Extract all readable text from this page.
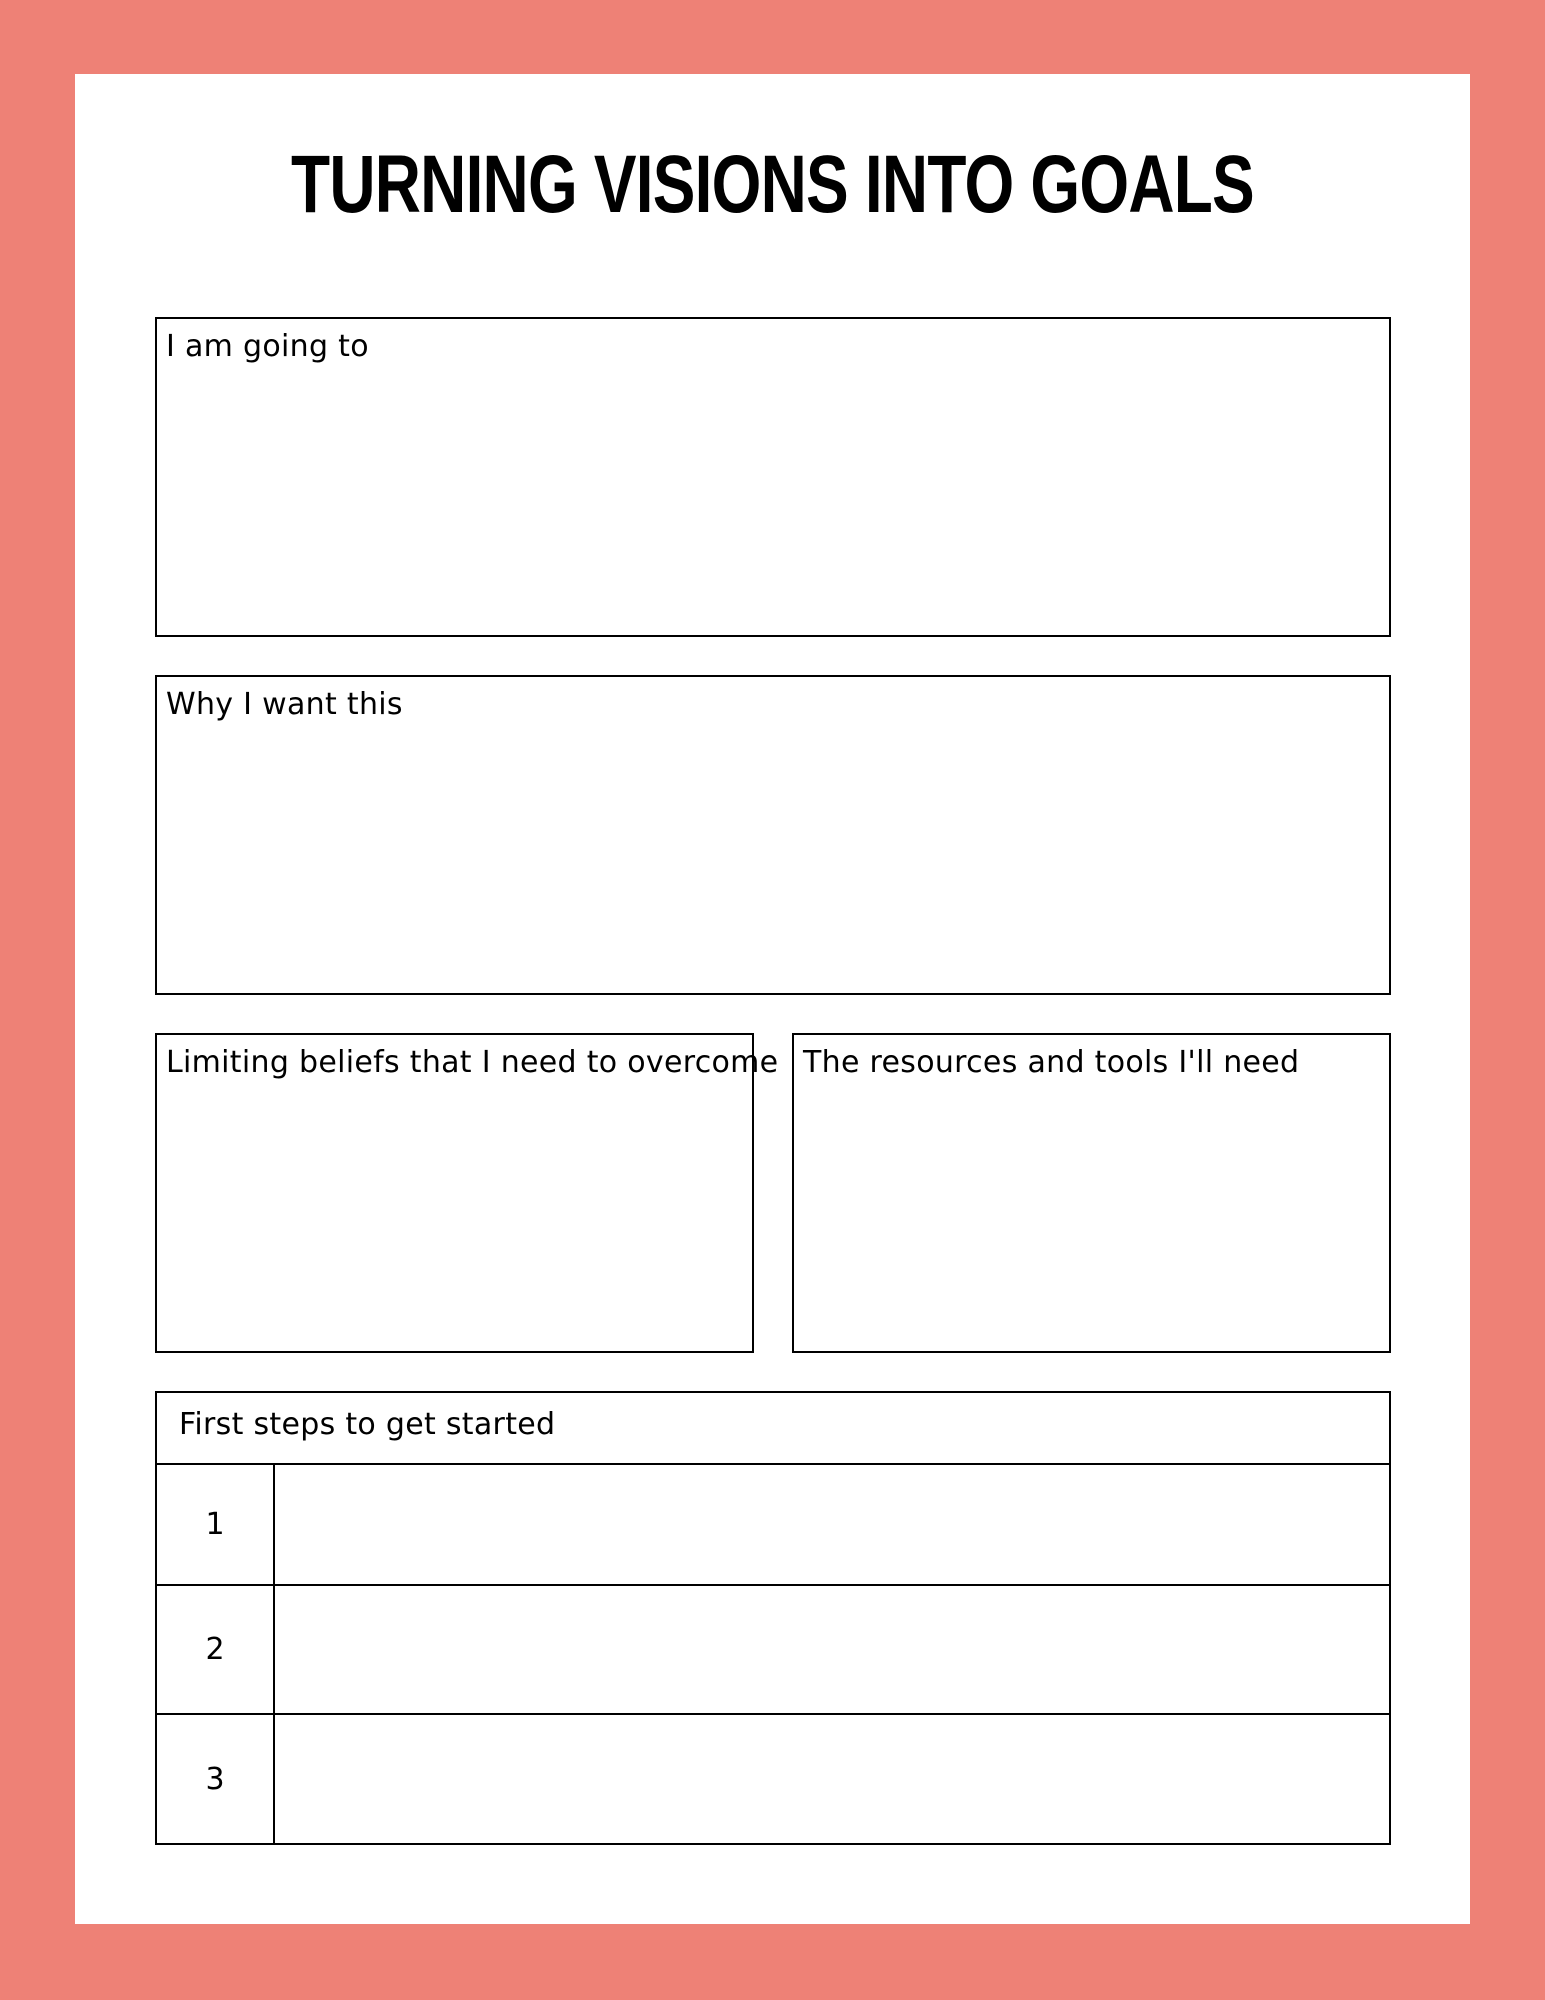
TURNING VISIONS INTO GOALS
I am going to
Why I want this
Limiting beliefs that I need to overcome The resources and tools I'll need
First steps to get started
1
2
3
